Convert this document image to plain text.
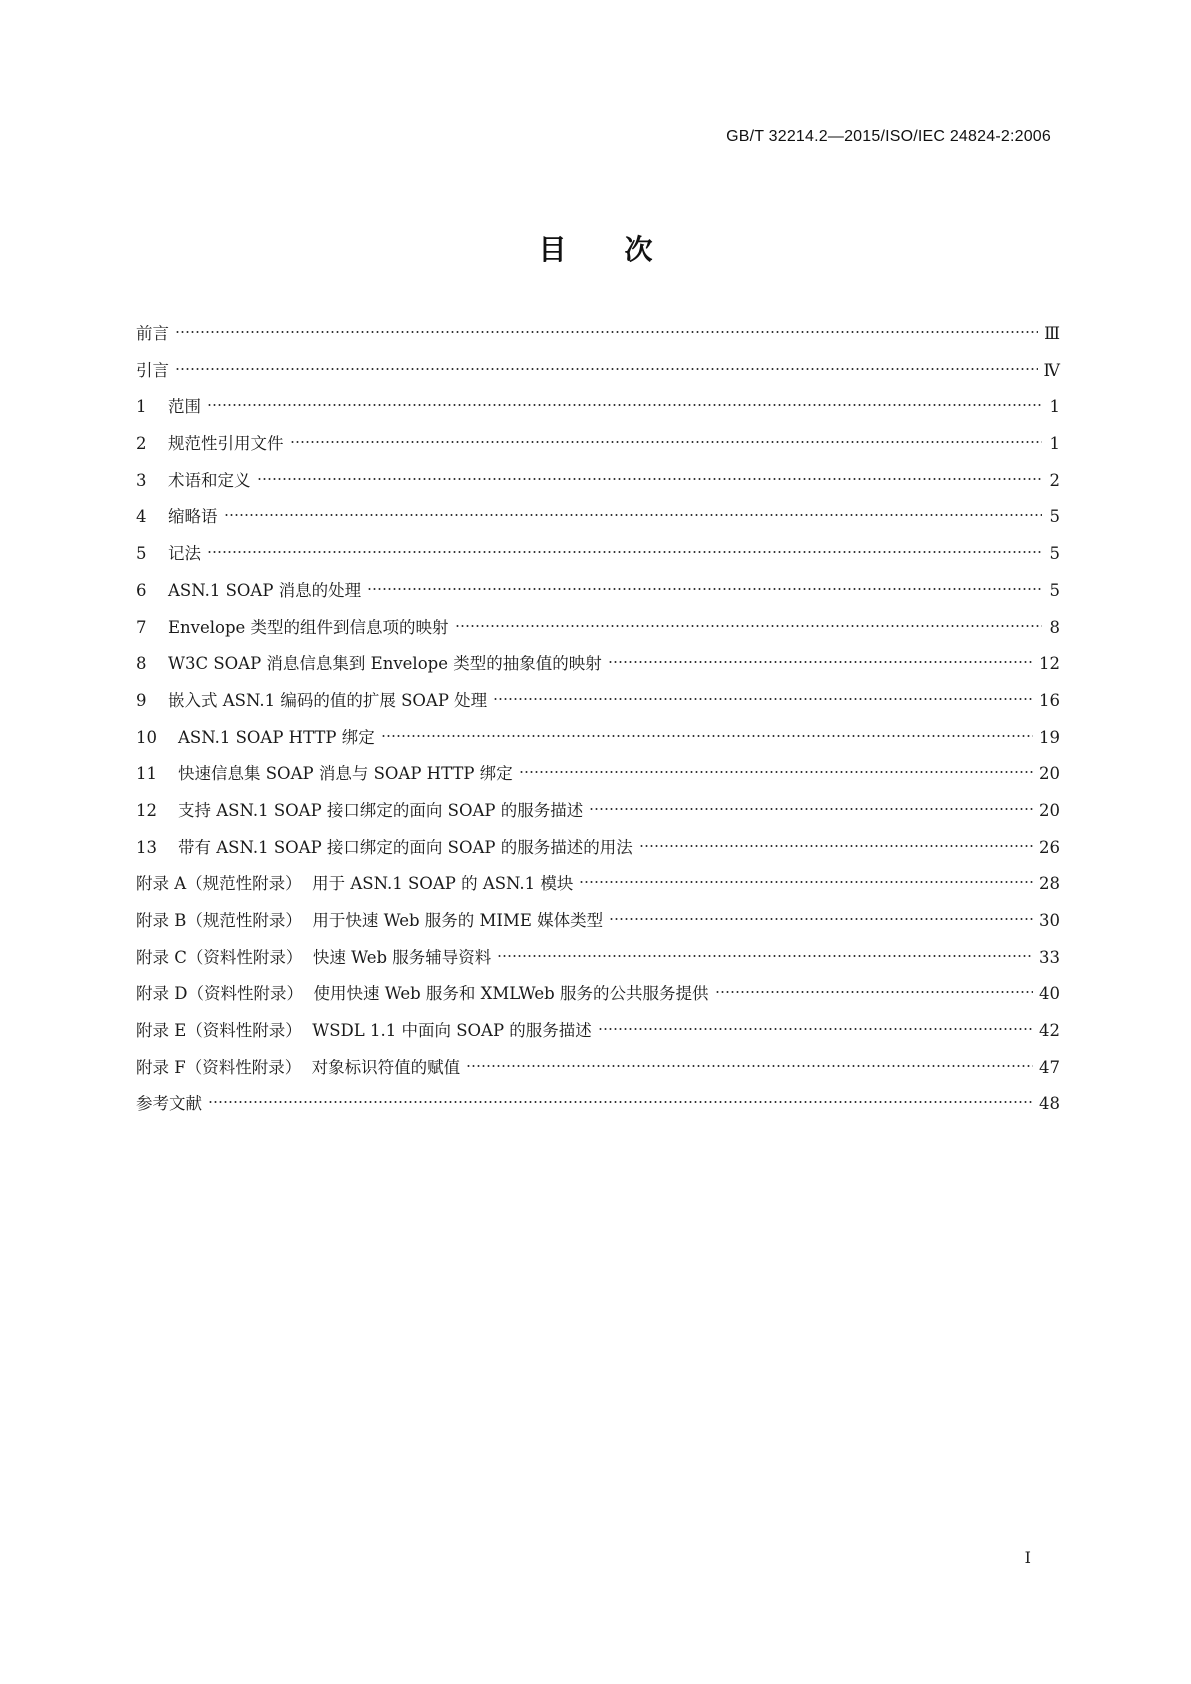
GB/T 32214.2—2015/ISO/IEC 24824-2:2006
目次
前言	Ⅲ
引言	Ⅳ
1	范围	1
2	规范性引用文件	1
3	术语和定义	2
4	缩略语	5
5	记法	5
6	ASN.1 SOAP 消息的处理	5
7	Envelope 类型的组件到信息项的映射	8
8	W3C SOAP 消息信息集到 Envelope 类型的抽象值的映射	12
9	嵌入式 ASN.1 编码的值的扩展 SOAP 处理	16
10	ASN.1 SOAP HTTP 绑定	19
11	快速信息集 SOAP 消息与 SOAP HTTP 绑定	20
12	支持 ASN.1 SOAP 接口绑定的面向 SOAP 的服务描述	20
13	带有 ASN.1 SOAP 接口绑定的面向 SOAP 的服务描述的用法	26
附录 A（规范性附录）  用于 ASN.1 SOAP 的 ASN.1 模块	28
附录 B（规范性附录）  用于快速 Web 服务的 MIME 媒体类型	30
附录 C（资料性附录）  快速 Web 服务辅导资料	33
附录 D（资料性附录）  使用快速 Web 服务和 XMLWeb 服务的公共服务提供	40
附录 E（资料性附录）  WSDL 1.1 中面向 SOAP 的服务描述	42
附录 F（资料性附录）  对象标识符值的赋值	47
参考文献	48
I
